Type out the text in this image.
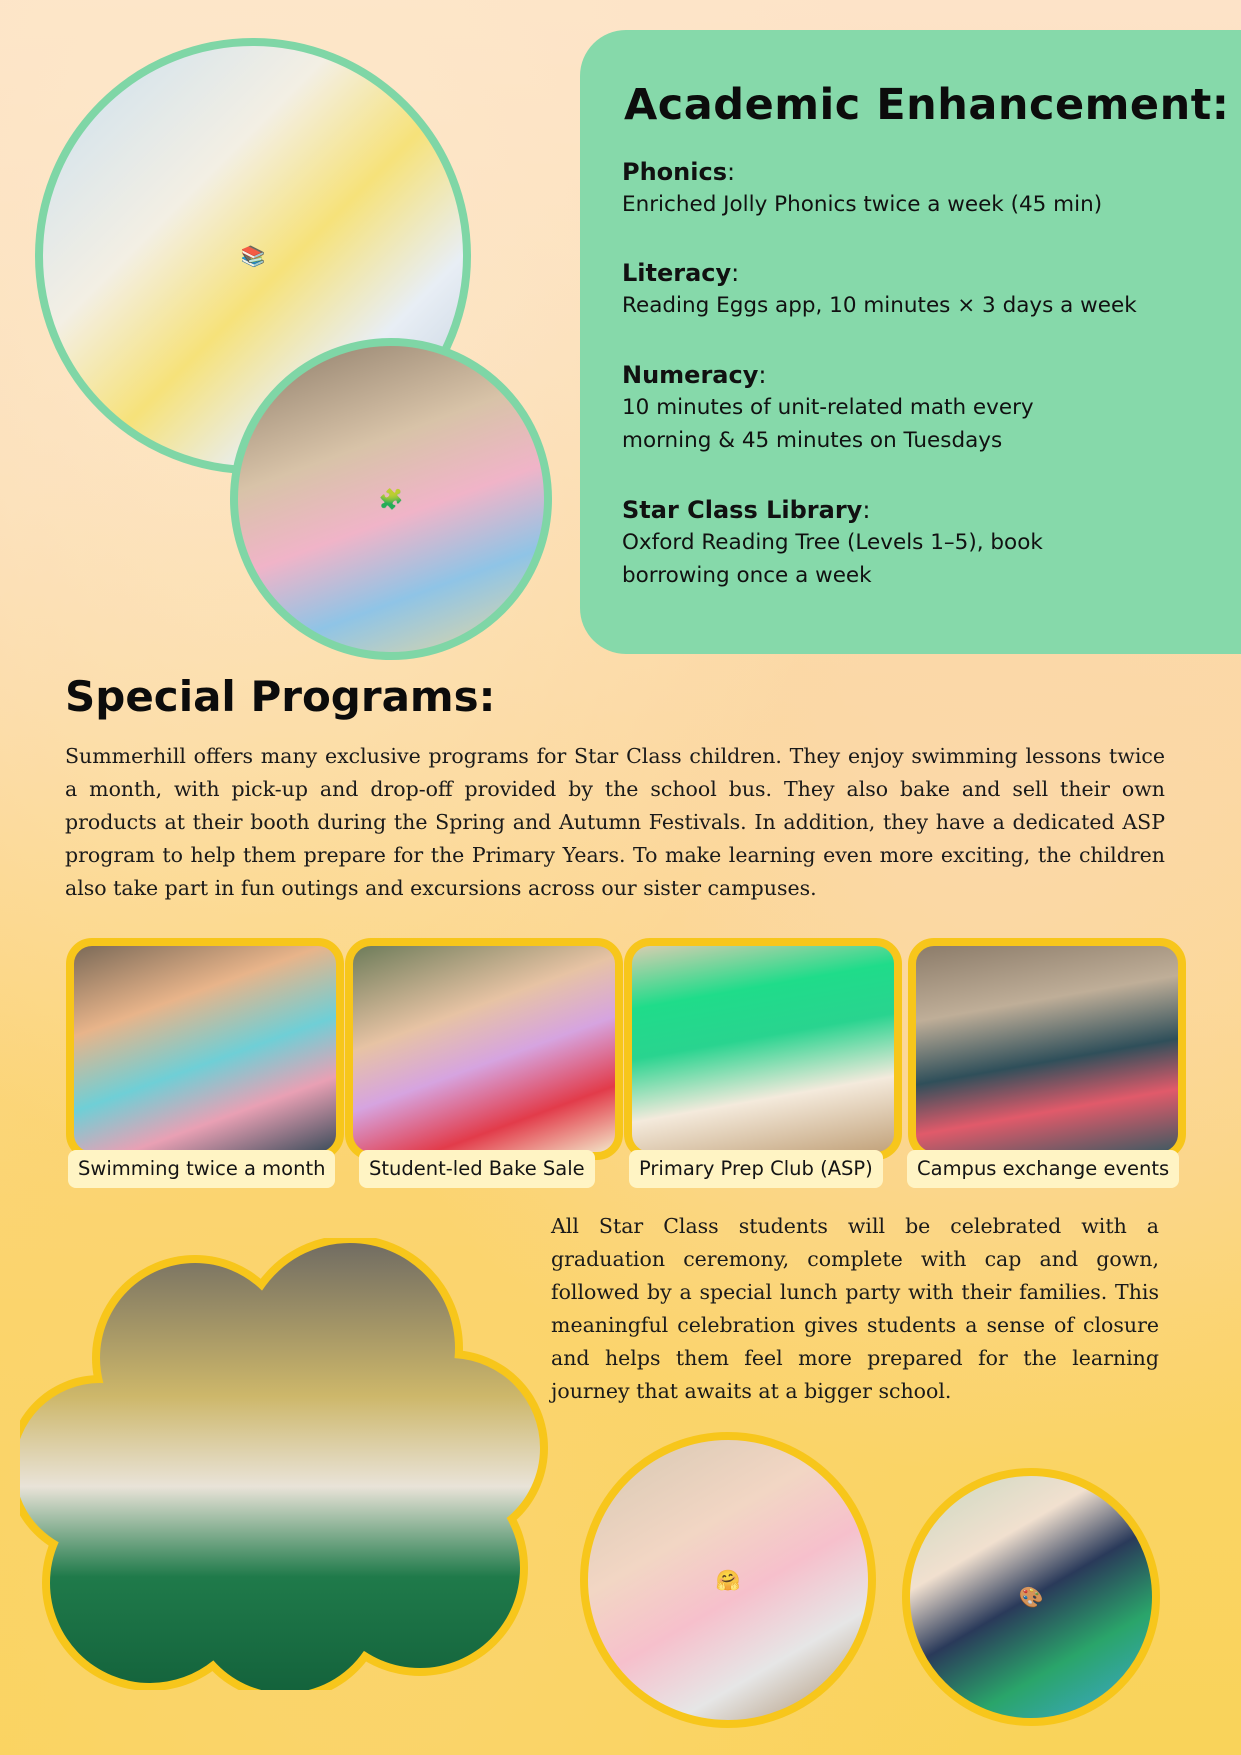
📚
🧩
Academic Enhancement:
Phonics:
Enriched Jolly Phonics twice a week (45 min)
Literacy:
Reading Eggs app, 10 minutes × 3 days a week
Numeracy:
10 minutes of unit-related math every
morning & 45 minutes on Tuesdays
Star Class Library:
Oxford Reading Tree (Levels 1–5), book
borrowing once a week
Special Programs:

Summerhill offers many exclusive programs for Star Class children. They enjoy swimming lessons twice a month, with pick-up and drop-off provided by the school bus. They also bake and sell their own products at their booth during the Spring and Autumn Festivals. In addition, they have a dedicated ASP program to help them prepare for the Primary Years. To make learning even more exciting, the children also take part in fun outings and excursions across our sister campuses.

Swimming twice a month	Student-led Bake Sale	Primary Prep Club (ASP)	Campus exchange events

All Star Class students will be celebrated with a graduation ceremony, complete with cap and gown, followed by a special lunch party with their families. This meaningful celebration gives students a sense of closure and helps them feel more prepared for the learning journey that awaits at a bigger school.

🤗
🎨
